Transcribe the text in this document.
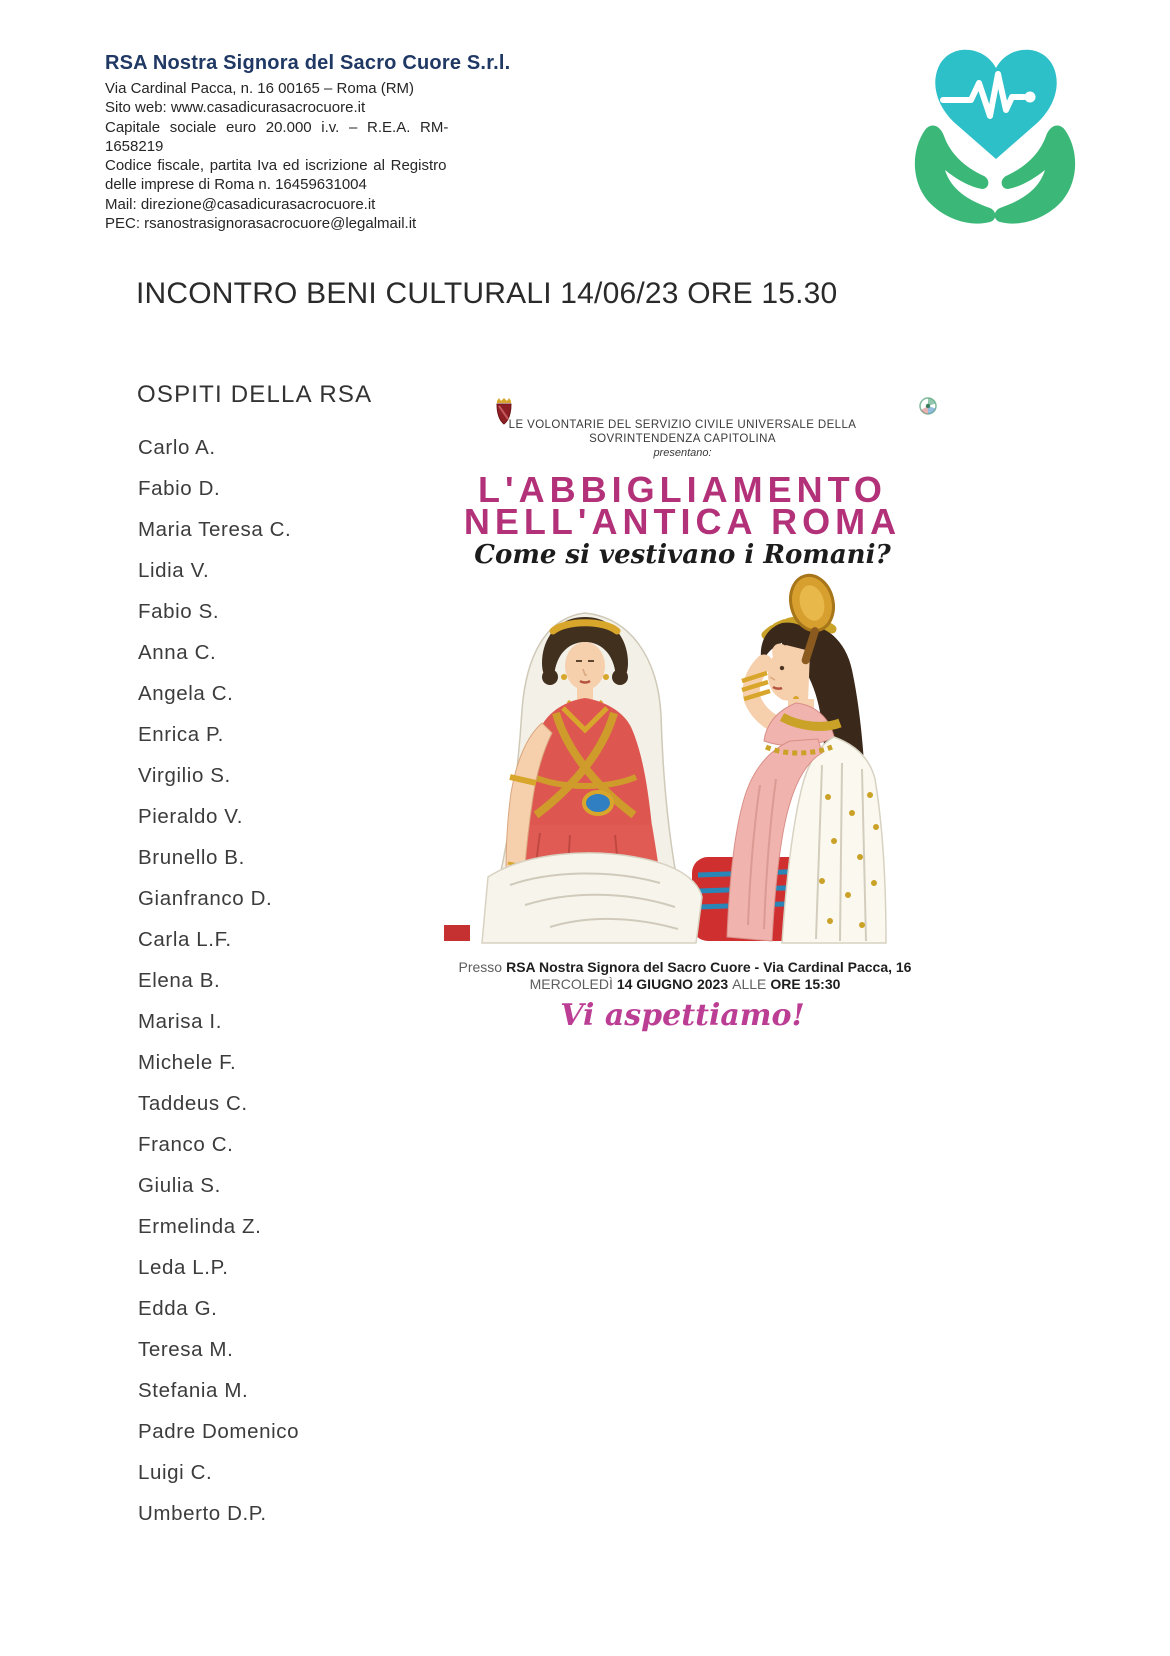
RSA Nostra Signora del Sacro Cuore S.r.l.
Via Cardinal Pacca, n. 16 00165 – Roma (RM)
Sito web: www.casadicurasacrocuore.it
Capitale sociale euro 20.000 i.v. – R.E.A. RM-
1658219
Codice fiscale, partita Iva ed iscrizione al Registro
delle imprese di Roma n. 16459631004
Mail: direzione@casadicurasacrocuore.it
PEC: rsanostrasignorasacrocuore@legalmail.it
INCONTRO BENI CULTURALI 14/06/23 ORE 15.30
OSPITI DELLA RSA
Carlo A.
Fabio D.
Maria Teresa C.
Lidia V.
Fabio S.
Anna C.
Angela C.
Enrica P.
Virgilio S.
Pieraldo V.
Brunello B.
Gianfranco D.
Carla L.F.
Elena B.
Marisa I.
Michele F.
Taddeus C.
Franco C.
Giulia S.
Ermelinda Z.
Leda L.P.
Edda G.
Teresa M.
Stefania M.
Padre Domenico
Luigi C.
Umberto D.P.
LE VOLONTARIE DEL SERVIZIO CIVILE UNIVERSALE DELLA
SOVRINTENDENZA CAPITOLINA
presentano:
L'ABBIGLIAMENTO
NELL'ANTICA ROMA
Come si vestivano i Romani?
Presso RSA Nostra Signora del Sacro Cuore - Via Cardinal Pacca, 16
MERCOLEDÌ 14 GIUGNO 2023 ALLE ORE 15:30
Vi aspettiamo!
